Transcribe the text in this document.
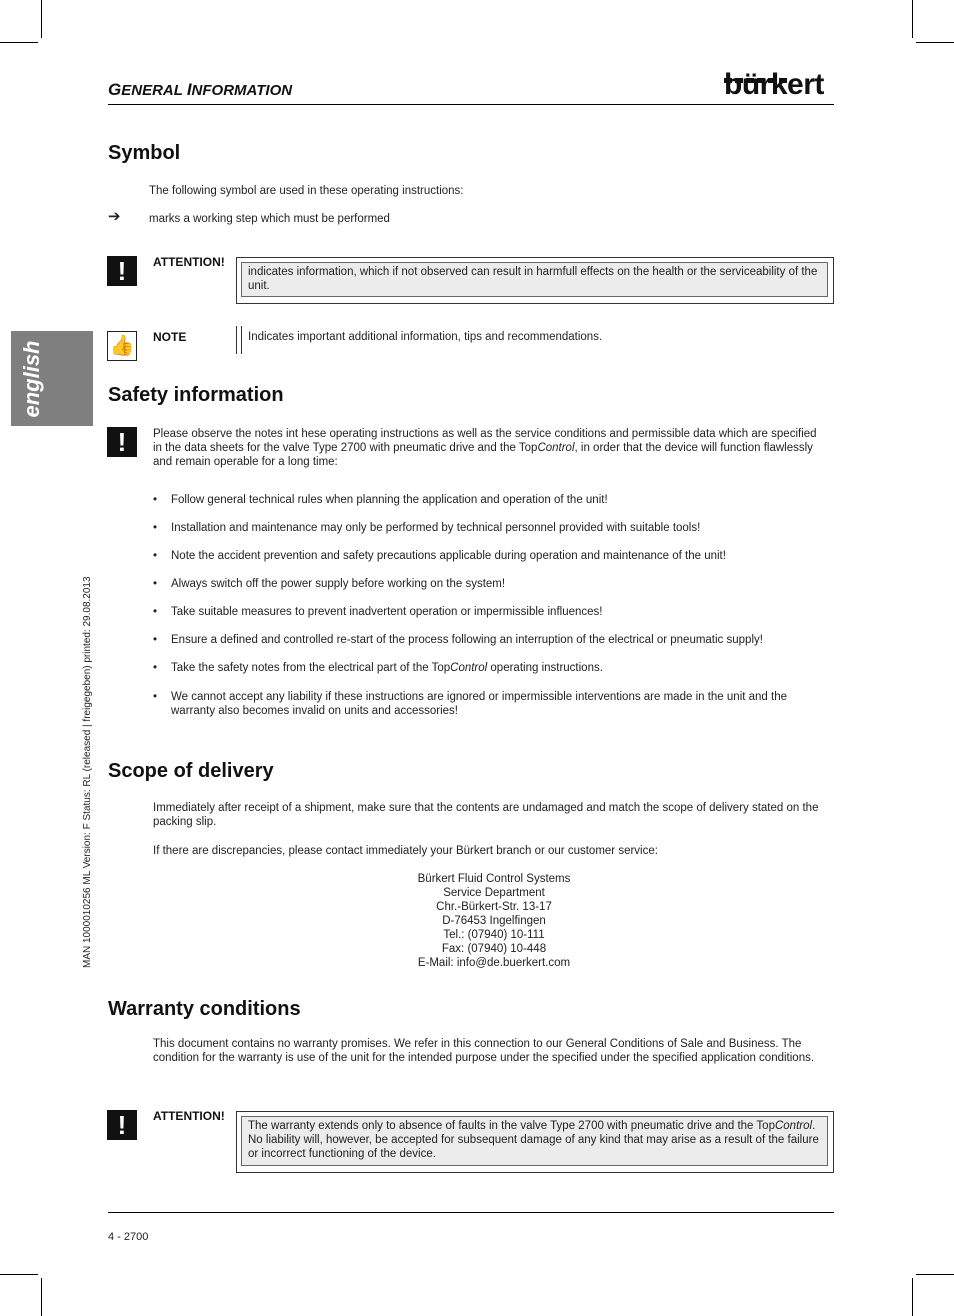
GENERAL INFORMATION	bürkert
english
MAN 1000010256 ML Version: F Status: RL (released | freigegeben) printed: 29.08.2013
Symbol
The following symbol are used in these operating instructions:
➔ marks a working step which must be performed
!	ATTENTION!
indicates information, which if not observed can result in harmfull effects on the health or the serviceability of the unit.
👍 NOTE	Indicates important additional information, tips and recommendations.
Safety information
!	Please observe the notes int hese operating instructions as well as the service conditions and permissible data which are specified in the data sheets for the valve Type 2700 with pneumatic drive and the TopControl, in order that the device will function flawlessly and remain operable for a long time:
• Follow general technical rules when planning the application and operation of the unit!
• Installation and maintenance may only be performed by technical personnel provided with suitable tools!
• Note the accident prevention and safety precautions applicable during operation and maintenance of the unit!
• Always switch off the power supply before working on the system!
• Take suitable measures to prevent inadvertent operation or impermissible influences!
• Ensure a defined and controlled re-start of the process following an interruption of the electrical or pneumatic supply!
• Take the safety notes from the electrical part of the TopControl operating instructions.
• We cannot accept any liability if these instructions are ignored or impermissible interventions are made in the unit and the warranty also becomes invalid on units and accessories!
Scope of delivery
Immediately after receipt of a shipment, make sure that the contents are undamaged and match the scope of delivery stated on the packing slip.
If there are discrepancies, please contact immediately your Bürkert branch or our customer service:
Bürkert Fluid Control Systems
Service Department
Chr.-Bürkert-Str. 13-17
D-76453 Ingelfingen
Tel.: (07940) 10-111
Fax: (07940) 10-448
E-Mail: info@de.buerkert.com
Warranty conditions
This document contains no warranty promises. We refer in this connection to our General Conditions of Sale and Business. The condition for the warranty is use of the unit for the intended purpose under the specified under the specified application conditions.
!	ATTENTION!
The warranty extends only to absence of faults in the valve Type 2700 with pneumatic drive and the TopControl. No liability will, however, be accepted for subsequent damage of any kind that may arise as a result of the failure or incorrect functioning of the device.
4 - 2700
